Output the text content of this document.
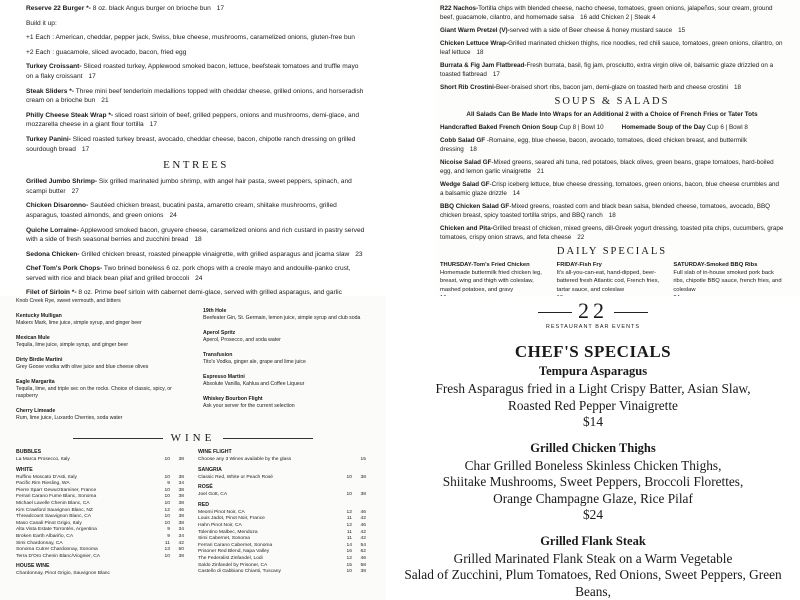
Reserve 22 Burger *- 8 oz. black Angus burger on brioche bun 17
Build it up:
+1 Each : American, cheddar, pepper jack, Swiss, blue cheese, mushrooms, caramelized onions, gluten-free bun
+2 Each : guacamole, sliced avocado, bacon, fried egg
Turkey Croissant- Sliced roasted turkey, Applewood smoked bacon, lettuce, beefsteak tomatoes and truffle mayo on a flaky croissant 17
Steak Sliders *- Three mini beef tenderloin medallions topped with cheddar cheese, grilled onions, and horseradish cream on a brioche bun 21
Philly Cheese Steak Wrap *- sliced roast sirloin of beef, grilled peppers, onions and mushrooms, demi-glace, and mozzarella cheese in a giant flour tortilla 17
Turkey Panini- Sliced roasted turkey breast, avocado, cheddar cheese, bacon, chipotle ranch dressing on grilled sourdough bread 17
ENTREES
Grilled Jumbo Shrimp- Six grilled marinated jumbo shrimp, with angel hair pasta, sweet peppers, spinach, and scampi butter 27
Chicken Disaronno- Sautéed chicken breast, bucatini pasta, amaretto cream, shiitake mushrooms, grilled asparagus, toasted almonds, and green onions 24
Quiche Lorraine- Applewood smoked bacon, gruyere cheese, caramelized onions and rich custard in pastry served with a side of fresh seasonal berries and zucchini bread 18
Sedona Chicken- Grilled chicken breast, roasted pineapple vinaigrette, with grilled asparagus and jicama slaw 23
Chef Tom's Pork Chops- Two brined boneless 6 oz. pork chops with a creole mayo and andouille-panko crust, served with rice and black bean pilaf and grilled broccoli 24
Filet of Sirloin *- 8 oz. Prime beef sirloin with cabernet demi-glace, served with grilled asparagus, and garlic
R22 Nachos-Tortilla chips with blended cheese, nacho cheese, tomatoes, green onions, jalapeños, sour cream, ground beef, guacamole, cilantro, and homemade salsa 16 add Chicken 2 | Steak 4
Giant Warm Pretzel (V)-served with a side of Beer cheese & honey mustard sauce 15
Chicken Lettuce Wrap-Grilled marinated chicken thighs, rice noodles, red chili sauce, tomatoes, green onions, cilantro, on leaf lettuce 18
Burrata & Fig Jam Flatbread-Fresh burrata, basil, fig jam, prosciutto, extra virgin olive oil, balsamic glaze drizzled on a toasted flatbread 17
Short Rib Crostini-Beer-braised short ribs, bacon jam, demi-glaze on toasted herb and cheese crostini 18
SOUPS & SALADS
All Salads Can Be Made Into Wraps for an Additional 2 with a Choice of French Fries or Tater Tots
Handcrafted Baked French Onion Soup Cup 8 | Bowl 10	Homemade Soup of the Day Cup 6 | Bowl 8
Cobb Salad GF -Romaine, egg, blue cheese, bacon, avocado, tomatoes, diced chicken breast, and buttermilk dressing 18
Nicoise Salad GF-Mixed greens, seared ahi tuna, red potatoes, black olives, green beans, grape tomatoes, hard-boiled egg, and lemon garlic vinaigrette 21
Wedge Salad GF-Crisp iceberg lettuce, blue cheese dressing, tomatoes, green onions, bacon, blue cheese crumbles and a balsamic glaze drizzle 14
BBQ Chicken Salad GF-Mixed greens, roasted corn and black bean salsa, blended cheese, tomatoes, avocado, BBQ chicken breast, spicy toasted tortilla strips, and BBQ ranch 18
Chicken and Pita-Grilled breast of chicken, mixed greens, dill-Greek yogurt dressing, toasted pita chips, cucumbers, grape tomatoes, crispy onion straws, and feta cheese 22
DAILY SPECIALS
THURSDAY-Tom's Fried Chicken
Homemade buttermilk fried chicken leg, breast, wing and thigh with coleslaw, mashed potatoes, and gravy
FRIDAY-Fish Fry
It's all-you-can-eat, hand-dipped, beer-battered fresh Atlantic cod, French fries, tartar sauce, and coleslaw
SATURDAY-Smoked BBQ Ribs
Full slab of in-house smoked pork back ribs, chipotle BBQ sauce, french fries, and coleslaw
Knob Creek Rye, sweet vermouth, and bitters
Kentucky Mulligan
Makers Mark, lime juice, simple syrup, and ginger beer
Mexican Mule
Tequila, lime juice, simple syrup, and ginger beer
Dirty Birdie Martini
Grey Goose vodka with olive juice and blue cheese olives
Eagle Margarita
Tequila, lime, and triple sec on the rocks. Choice of classic, spicy, or raspberry
Cherry Limeade
Rum, lime juice, Luxardo Cherries, soda water
19th Hole
Beefeater Gin, St. Germain, lemon juice, simple syrup and club soda
Aperol Spritz
Aperol, Prosecco, and soda water
Transfusion
Tito's Vodka, ginger ale, grape and lime juice
Espresso Martini
Absolute Vanilla, Kahlua and Coffee Liqueur
Whiskey Bourbon Flight
Ask your server for the current selection
WINE
BUBBLES
La Marca Prosecco, Italy	10	38
WHITE
Ruffino Moscato D'Asti, Italy	10	38
Pacific Rim Riesling, WA	9	34
Pierre Sparr Gewurztraminer, France	10	38
Ferrari Carano Fume Blanc, Sonoma	10	38
Michael Lavelle Chenin Blanc, CA	10	38
Kim Crawford Sauvignon Blanc, NZ	12	46
Threadcount Sauvignon Blanc, CA	10	38
Maso Canali Pinot Grigio, Italy	10	38
Alta Vista Estate Torrontés, Argentina	9	34
Broken Earth Albariño, CA	9	34
Simi Chardonnay, CA	11	42
Sonoma Cutrer Chardonnay, Sonoma	13	50
Terra D'Oro Chenin Blanc/Viognier, CA	10	38
HOUSE WINE
Chardonnay, Pinot Grigio, Sauvignon Blanc
WINE FLIGHT
Choose any 3 Wines available by the glass	15
SANGRIA
Classic Red, White or Peach Rosé	10	38
ROSÉ
Joel Gott, CA	10	38
RED
Meomi Pinot Noir, CA	12	46
Louis Jadot, Pinot Noir, France	11	42
Hahn Pinot Noir, CA	12	46
Tolentino Malbec, Mendoza	11	42
Simi Cabernet, Sonoma	11	42
Ferrari Carano Cabernet, Sonoma	14	54
Prisoner Red Blend, Napa Valley	16	62
The Federalist Zinfandel, Lodi	12	46
Saldo Zinfandel by Prisoner, CA	15	58
Castello di Gabbiano Chianti, Tuscany	10	38
22
RESTAURANT BAR EVENTS
CHEF'S SPECIALS
Tempura Asparagus
Fresh Asparagus fried in a Light Crispy Batter, Asian Slaw,
Roasted Red Pepper Vinaigrette
$14
Grilled Chicken Thighs
Char Grilled Boneless Skinless Chicken Thighs,
Shiitake Mushrooms, Sweet Peppers, Broccoli Florettes,
Orange Champagne Glaze, Rice Pilaf
$24
Grilled Flank Steak
Grilled Marinated Flank Steak on a Warm Vegetable
Salad of Zucchini, Plum Tomatoes, Red Onions, Sweet Peppers, Green Beans,
